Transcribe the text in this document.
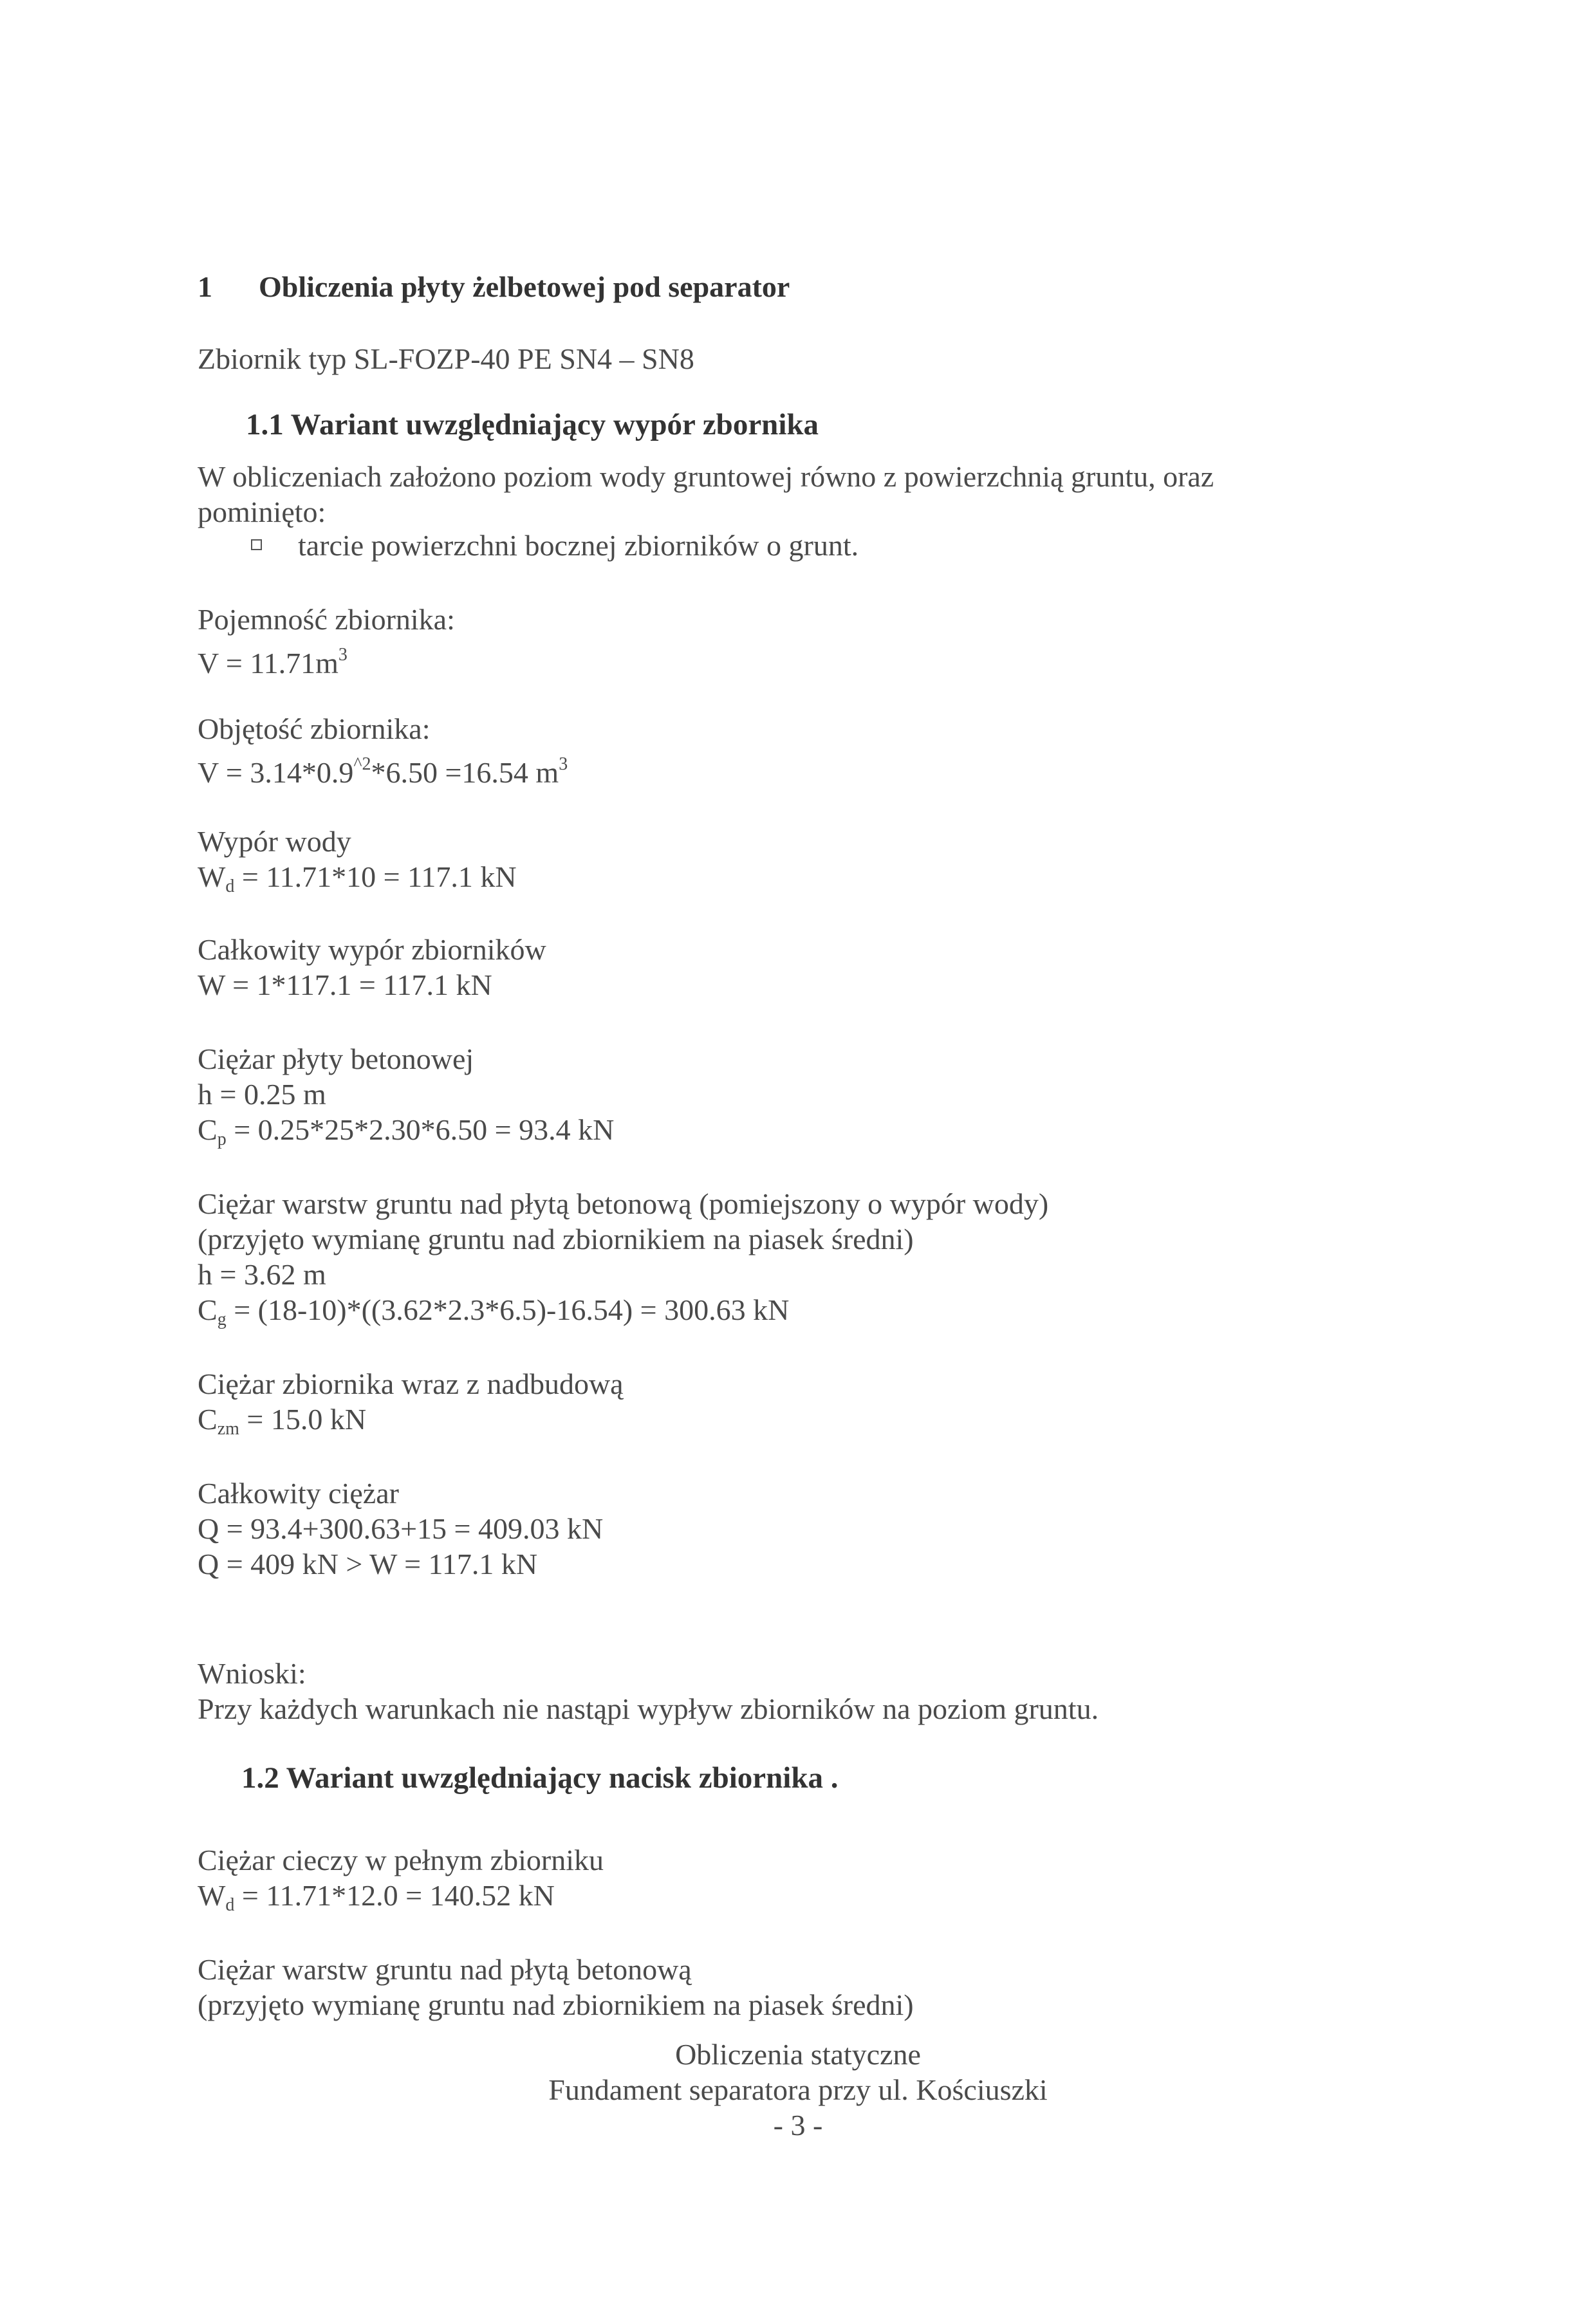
1 Obliczenia płyty żelbetowej pod separator
Zbiornik typ SL-FOZP-40 PE SN4 – SN8
1.1 Wariant uwzględniający wypór zbornika
W obliczeniach założono poziom wody gruntowej równo z powierzchnią gruntu, oraz
pominięto:
tarcie powierzchni bocznej zbiorników o grunt.
Pojemność zbiornika:
$V = 11.71m^3$
Objętość zbiornika:
$V = 3.14*0.9^{\^{}2}*6.50 =16.54$ $m^3$
Wypór wody
$W_d = 11.71*10 = 117.1$ kN
Całkowity wypór zbiorników
W = 1*117.1 = 117.1 kN
Ciężar płyty betonowej
h = 0.25 m
$C_p = 0.25*25*2.30*6.50 = 93.4$ kN
Ciężar warstw gruntu nad płytą betonową (pomiejszony o wypór wody)
(przyjęto wymianę gruntu nad zbiornikiem na piasek średni)
h = 3.62 m
$C_g = (18-10)*((3.62*2.3*6.5)-16.54) = 300.63$ kN
Ciężar zbiornika wraz z nadbudową
$C_{zm} = 15.0$ kN
Całkowity ciężar
Q = 93.4+300.63+15 = 409.03 kN
Q = 409 kN > W = 117.1 kN
Wnioski:
Przy każdych warunkach nie nastąpi wypływ zbiorników na poziom gruntu.
1.2 Wariant uwzględniający nacisk zbiornika .
Ciężar cieczy w pełnym zbiorniku
$W_d = 11.71*12.0 = 140.52$ kN
Ciężar warstw gruntu nad płytą betonową
(przyjęto wymianę gruntu nad zbiornikiem na piasek średni)
Obliczenia statyczne
Fundament separatora przy ul. Kościuszki
- 3 -
